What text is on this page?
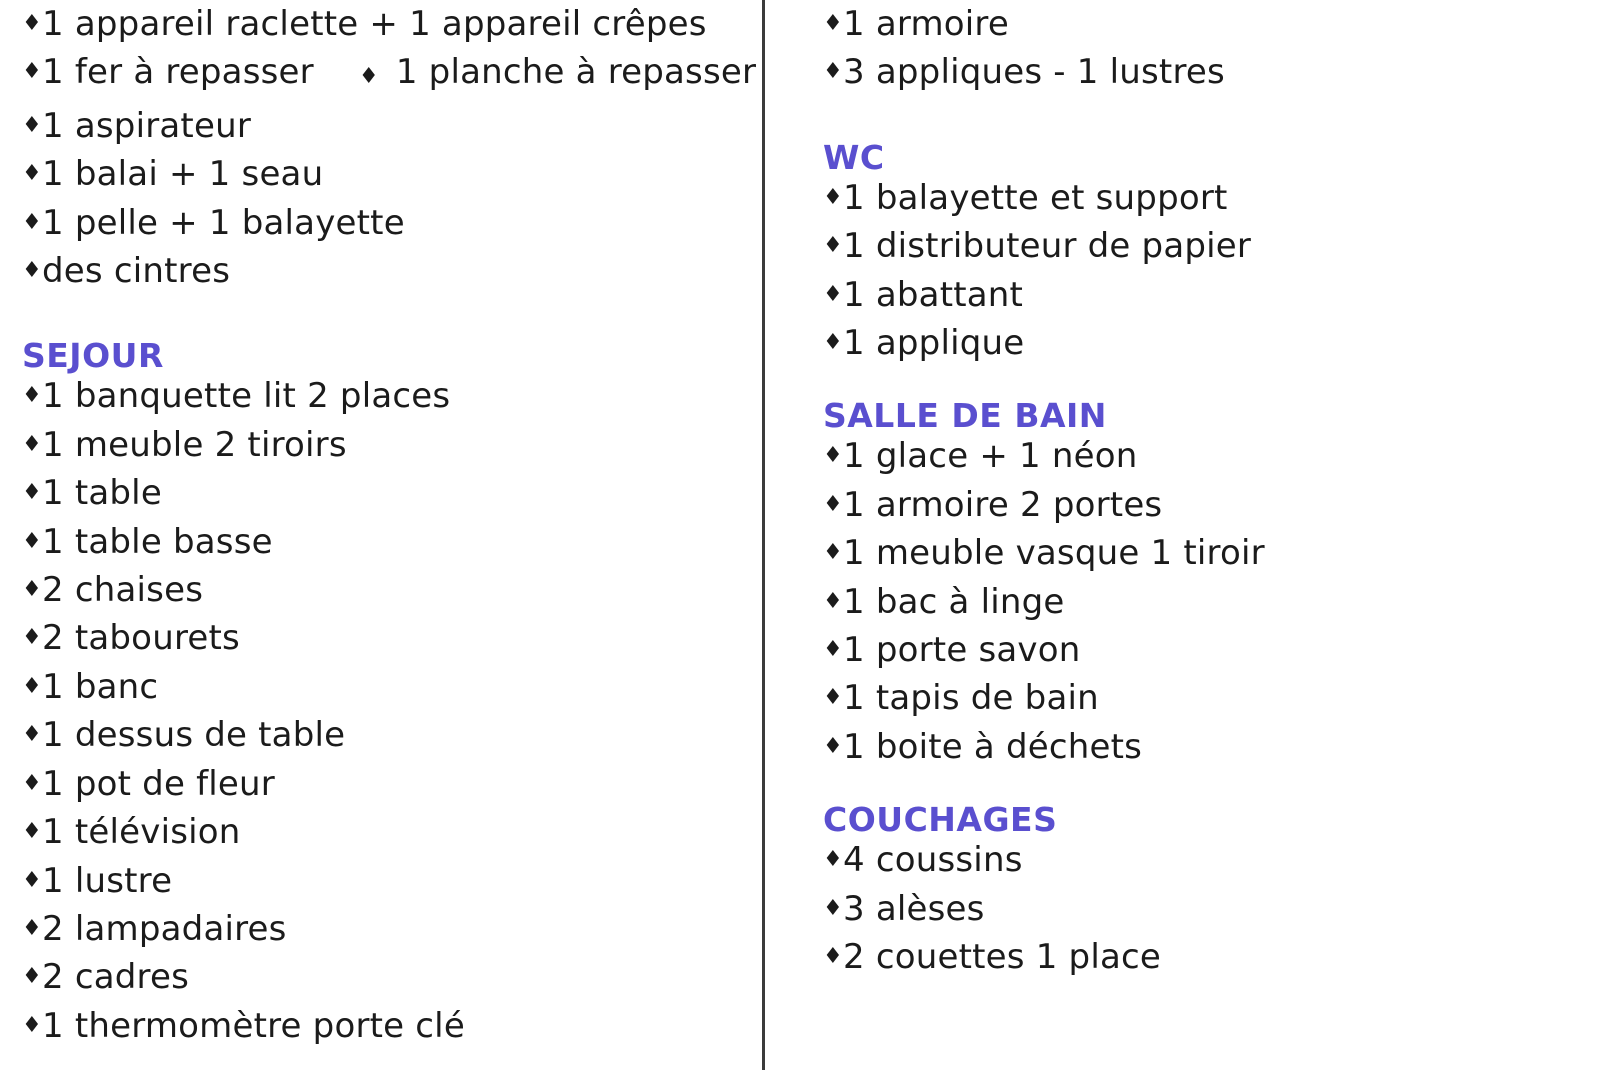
♦ 1 appareil raclette + 1 appareil crêpes
♦ 1 fer à repasser ♦ 1 planche à repasser
♦ 1 aspirateur
♦ 1 balai + 1 seau
♦ 1 pelle + 1 balayette
♦ des cintres
SEJOUR
♦ 1 banquette lit 2 places
♦ 1 meuble 2 tiroirs
♦ 1 table
♦ 1 table basse
♦ 2 chaises
♦ 2 tabourets
♦ 1 banc
♦ 1 dessus de table
♦ 1 pot de fleur
♦ 1 télévision
♦ 1 lustre
♦ 2 lampadaires
♦ 2 cadres
♦ 1 thermomètre porte clé
♦ 1 armoire
♦ 3 appliques - 1 lustres
WC
♦ 1 balayette et support
♦ 1 distributeur de papier
♦ 1 abattant
♦ 1 applique
SALLE DE BAIN
♦ 1 glace + 1 néon
♦ 1 armoire 2 portes
♦ 1 meuble vasque 1 tiroir
♦ 1 bac à linge
♦ 1 porte savon
♦ 1 tapis de bain
♦ 1 boite à déchets
COUCHAGES
♦ 4 coussins
♦ 3 alèses
♦ 2 couettes 1 place
